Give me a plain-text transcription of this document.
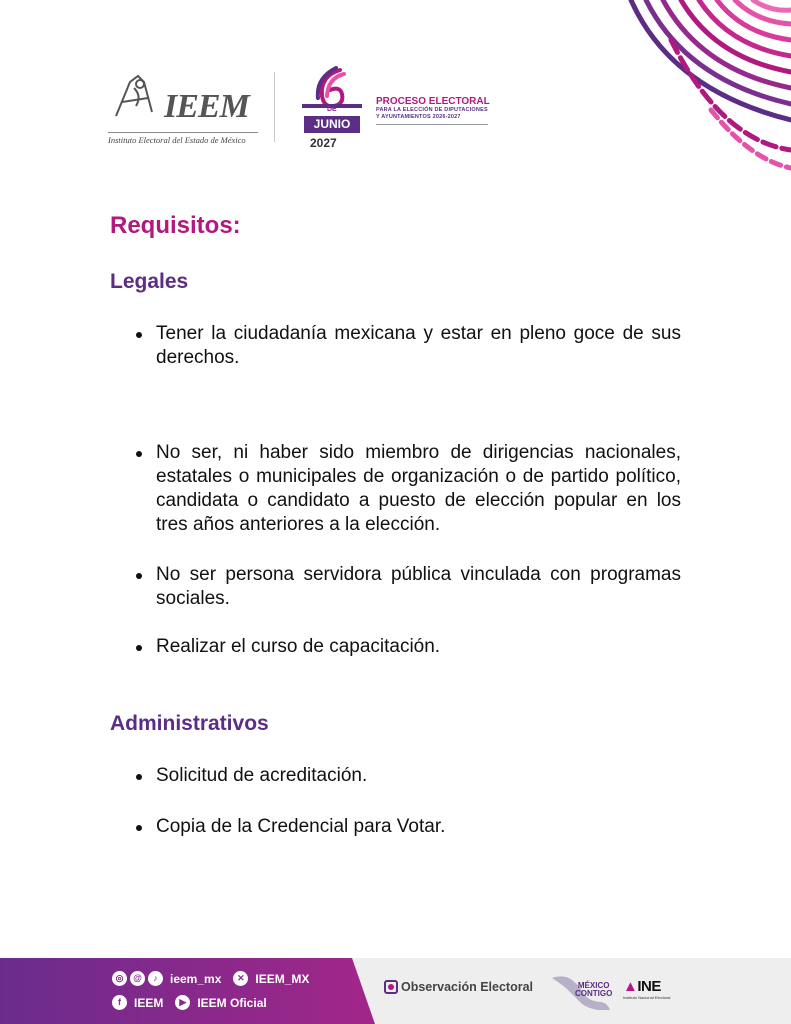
IEEM
Instituto Electoral del Estado de México
DE
JUNIO
2027
PROCESO ELECTORAL
PARA LA ELECCIÓN DE DIPUTACIONES
Y AYUNTAMIENTOS 2026-2027
Requisitos:
Legales
Tener la ciudadanía mexicana y estar en pleno goce de sus derechos.
No ser, ni haber sido miembro de dirigencias nacionales, estatales o municipales de organización o de partido político, candidata o candidato a puesto de elección popular en los tres años anteriores a la elección.
No ser persona servidora pública vinculada con programas sociales.
Realizar el curso de capacitación.
Administrativos
Solicitud de acreditación.
Copia de la Credencial para Votar.
◎	@	♪	ieem_mx	✕ IEEM_MX
f	IEEM	▶ IEEM Oficial
Observación Electoral	MÉXICO
CONTIGO ▲INE
Instituto Nacional Electoral
